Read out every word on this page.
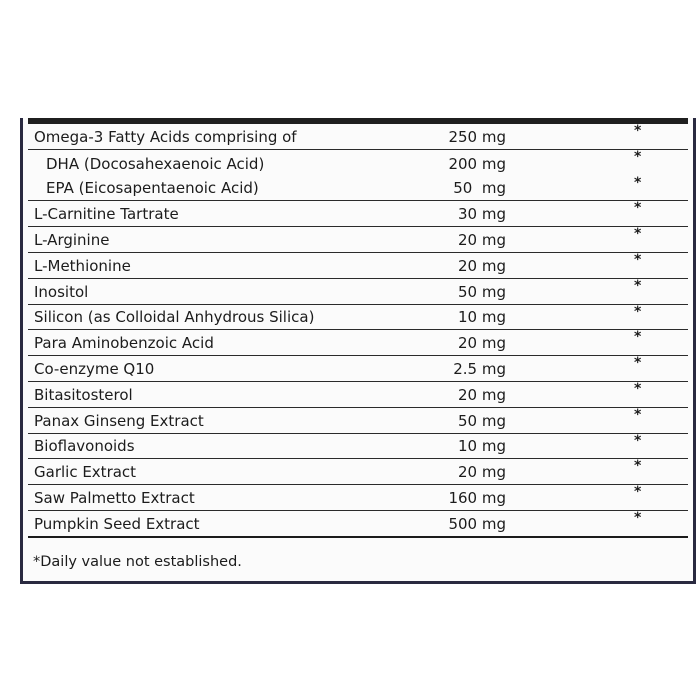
Omega-3 Fatty Acids comprising of	250 mg	*
DHA (Docosahexaenoic Acid)	200 mg	*
EPA (Eicosapentaenoic Acid)	50  mg	*
L-Carnitine Tartrate	30 mg	*
L-Arginine	20 mg	*
L-Methionine	20 mg	*
Inositol	50 mg	*
Silicon (as Colloidal Anhydrous Silica)	10 mg	*
Para Aminobenzoic Acid	20 mg	*
Co-enzyme Q10	2.5 mg	*
Bitasitosterol	20 mg	*
Panax Ginseng Extract	50 mg	*
Bioflavonoids	10 mg	*
Garlic Extract	20 mg	*
Saw Palmetto Extract	160 mg	*
Pumpkin Seed Extract	500 mg	*
*Daily value not established.
